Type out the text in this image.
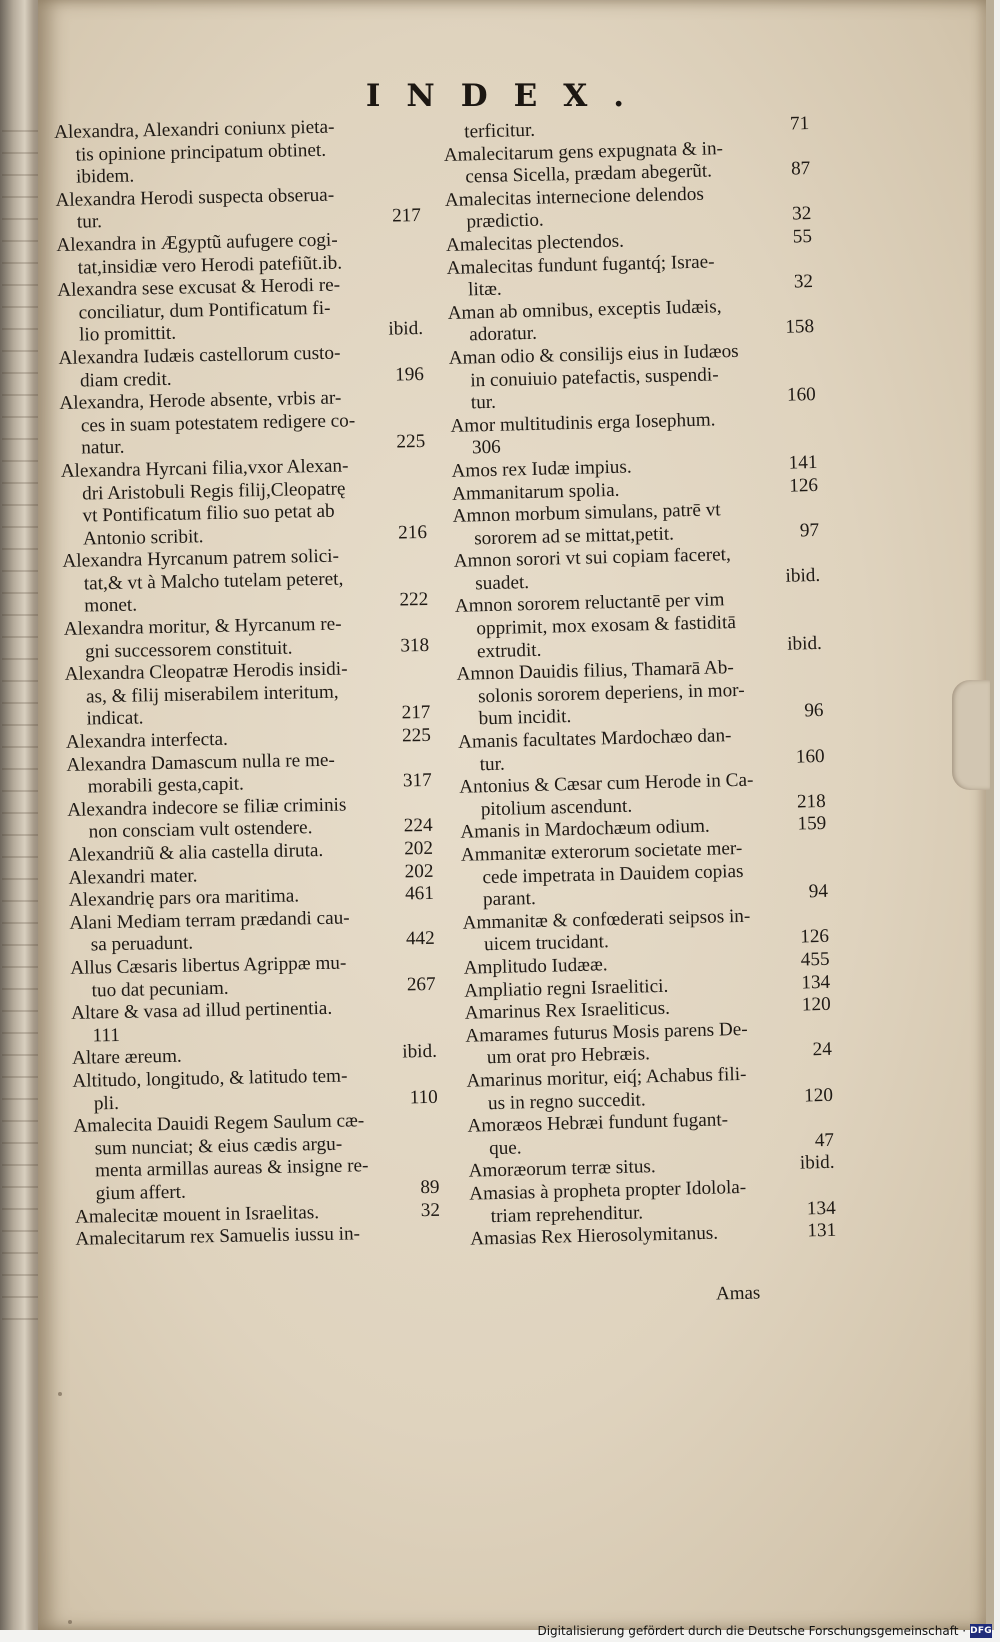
INDEX.
Alexandra, Alexandri coniunx pieta-
tis opinione principatum obtinet.
ibidem.
Alexandra Herodi suspecta obserua-
tur.	217
Alexandra in Ægyptũ aufugere cogi-
tat,insidiæ vero Herodi patefiũt.ib.
Alexandra sese excusat & Herodi re-
conciliatur, dum Pontificatum fi-
lio promittit.	ibid.
Alexandra Iudæis castellorum custo-
diam credit.	196
Alexandra, Herode absente, vrbis ar-
ces in suam potestatem redigere co-
natur.	225
Alexandra Hyrcani filia,vxor Alexan-
dri Aristobuli Regis filij,Cleopatrę
vt Pontificatum filio suo petat ab
Antonio scribit.	216
Alexandra Hyrcanum patrem solici-
tat,& vt à Malcho tutelam peteret,
monet.	222
Alexandra moritur, & Hyrcanum re-
gni successorem constituit.	318
Alexandra Cleopatræ Herodis insidi-
as, & filij miserabilem interitum,
indicat.	217
Alexandra interfecta.	225
Alexandra Damascum nulla re me-
morabili gesta,capit.	317
Alexandra indecore se filiæ criminis
non consciam vult ostendere.	224
Alexandriũ & alia castella diruta.	202
Alexandri mater.	202
Alexandrię pars ora maritima.	461
Alani Mediam terram prædandi cau-
sa peruadunt.	442
Allus Cæsaris libertus Agrippæ mu-
tuo dat pecuniam.	267
Altare & vasa ad illud pertinentia.
111
Altare æreum.	ibid.
Altitudo, longitudo, & latitudo tem-
pli.	110
Amalecita Dauidi Regem Saulum cæ-
sum nunciat; & eius cædis argu-
menta armillas aureas & insigne re-
gium affert.	89
Amalecitæ mouent in Israelitas.	32
Amalecitarum rex Samuelis iussu in-
terficitur.	71
Amalecitarum gens expugnata & in-
censa Sicella, prædam abegerũt.	87
Amalecitas internecione delendos
prædictio.	32
Amalecitas plectendos.	55
Amalecitas fundunt fugantq́; Israe-
litæ.	32
Aman ab omnibus, exceptis Iudæis,
adoratur.	158
Aman odio & consilijs eius in Iudæos
in conuiuio patefactis, suspendi-
tur.	160
Amor multitudinis erga Iosephum.
306
Amos rex Iudæ impius.	141
Ammanitarum spolia.	126
Amnon morbum simulans, patrē vt
sororem ad se mittat,petit.	97
Amnon sorori vt sui copiam faceret,
suadet.	ibid.
Amnon sororem reluctantē per vim
opprimit, mox exosam & fastiditā
extrudit.	ibid.
Amnon Dauidis filius, Thamarā Ab-
solonis sororem deperiens, in mor-
bum incidit.	96
Amanis facultates Mardochæo dan-
tur.	160
Antonius & Cæsar cum Herode in Ca-
pitolium ascendunt.	218
Amanis in Mardochæum odium.	159
Ammanitæ exterorum societate mer-
cede impetrata in Dauidem copias
parant.	94
Ammanitæ & confœderati seipsos in-
uicem trucidant.	126
Amplitudo Iudææ.	455
Ampliatio regni Israelitici.	134
Amarinus Rex Israeliticus.	120
Amarames futurus Mosis parens De-
um orat pro Hebræis.	24
Amarinus moritur, eiq́; Achabus fili-
us in regno succedit.	120
Amoræos Hebræi fundunt fugant-
que.	47
Amoræorum terræ situs.	ibid.
Amasias à propheta propter Idolola-
triam reprehenditur.	134
Amasias Rex Hierosolymitanus.	131
Amas
Digitalisierung gefördert durch die Deutsche Forschungsgemeinschaft · DFG
